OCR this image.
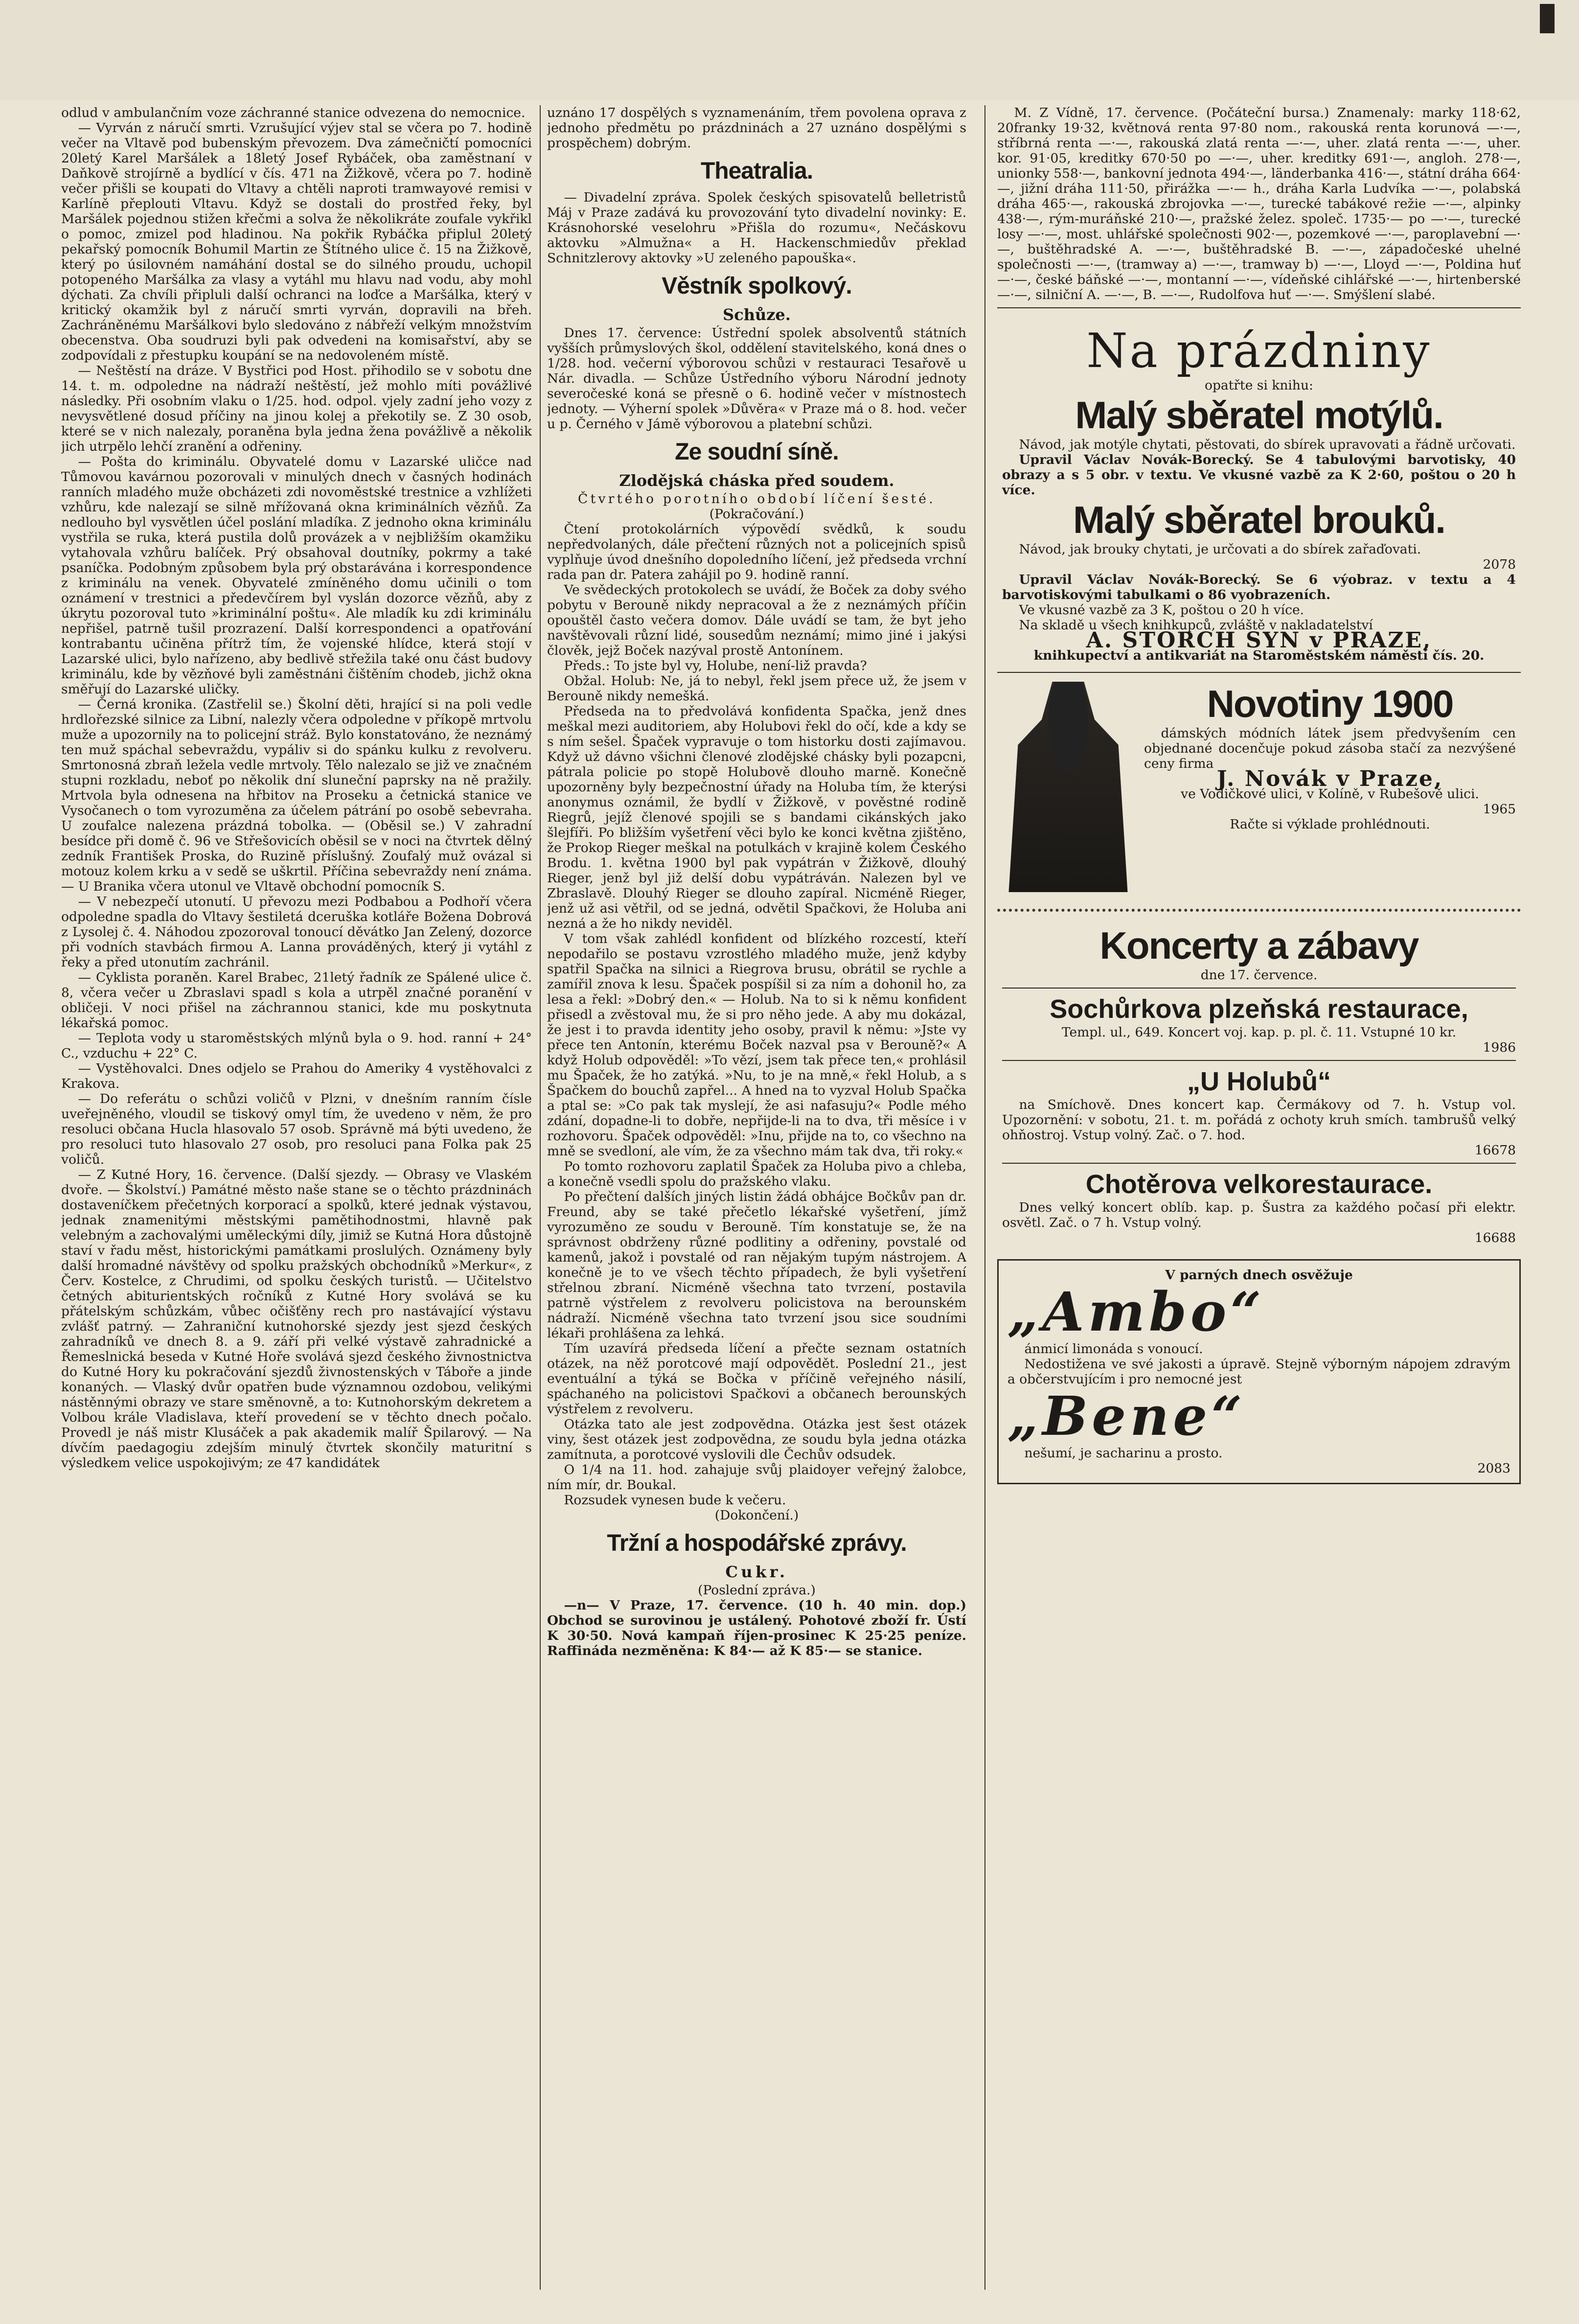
odlud v ambulančním voze záchranné stanice odvezena do nemocnice.

— Vyrván z náručí smrti. Vzrušující výjev stal se včera po 7. hodině večer na Vltavě pod bubenským převozem. Dva zámečničtí pomocníci 20letý Karel Maršálek a 18letý Josef Rybáček, oba zaměstnaní v Daňkově strojírně a bydlící v čís. 471 na Žižkově, včera po 7. hodině večer přišli se koupati do Vltavy a chtěli naproti tramwayové remisi v Karlíně přeplouti Vltavu. Když se dostali do prostřed řeky, byl Maršálek pojednou stižen křečmi a solva že několikráte zoufale vykřikl o pomoc, zmizel pod hladinou. Na pokřik Rybáčka připlul 20letý pekařský pomocník Bohumil Martin ze Štítného ulice č. 15 na Žižkově, který po úsilovném namáhání dostal se do silného proudu, uchopil potopeného Maršálka za vlasy a vytáhl mu hlavu nad vodu, aby mohl dýchati. Za chvíli připluli další ochranci na loďce a Maršálka, který v kritický okamžik byl z náručí smrti vyrván, dopravili na břeh. Zachráněnému Maršálkovi bylo sledováno z nábřeží velkým množstvím obecenstva. Oba soudruzi byli pak odvedeni na komisařství, aby se zodpovídali z přestupku koupání se na nedovoleném místě.

— Neštěstí na dráze. V Bystřici pod Host. přihodilo se v sobotu dne 14. t. m. odpoledne na nádraží neštěstí, jež mohlo míti povážlivé následky. Při osobním vlaku o 1/25. hod. odpol. vjely zadní jeho vozy z nevysvětlené dosud příčiny na jinou kolej a překotily se. Z 30 osob, které se v nich nalezaly, poraněna byla jedna žena povážlivě a několik jich utrpělo lehčí zranění a odřeniny.

— Pošta do kriminálu. Obyvatelé domu v Lazarské uličce nad Tůmovou kavárnou pozorovali v minulých dnech v časných hodinách ranních mladého muže obcházeti zdi novoměstské trestnice a vzhlížeti vzhůru, kde nalezají se silně mřížovaná okna kriminálních vězňů. Za nedlouho byl vysvětlen účel poslání mladíka. Z jednoho okna kriminálu vystřila se ruka, která pustila dolů provázek a v nejbližším okamžiku vytahovala vzhůru balíček. Prý obsahoval doutníky, pokrmy a také psaníčka. Podobným způsobem byla prý obstarávána i korrespondence z kriminálu na venek. Obyvatelé zmíněného domu učinili o tom oznámení v trestnici a předevčírem byl vyslán dozorce vězňů, aby z úkrytu pozoroval tuto »kriminální poštu«. Ale mladík ku zdi kriminálu nepřišel, patrně tušil prozrazení. Další korrespondenci a opatřování kontrabantu učiněna přítrž tím, že vojenské hlídce, která stojí v Lazarské ulici, bylo nařízeno, aby bedlivě střežila také onu část budovy kriminálu, kde by vězňové byli zaměstnáni čištěním chodeb, jichž okna směřují do Lazarské uličky.

— Černá kronika. (Zastřelil se.) Školní děti, hrající si na poli vedle hrdlořezské silnice za Libní, nalezly včera odpoledne v příkopě mrtvolu muže a upozornily na to policejní stráž. Bylo konstatováno, že neznámý ten muž spáchal sebevraždu, vypáliv si do spánku kulku z revolveru. Smrtonosná zbraň ležela vedle mrtvoly. Tělo nalezalo se již ve značném stupni rozkladu, neboť po několik dní sluneční paprsky na ně pražily. Mrtvola byla odnesena na hřbitov na Proseku a četnická stanice ve Vysočanech o tom vyrozuměna za účelem pátrání po osobě sebevraha. U zoufalce nalezena prázdná tobolka. — (Oběsil se.) V zahradní besídce při domě č. 96 ve Střešovicích oběsil se v noci na čtvrtek dělný zedník František Proska, do Ruzině příslušný. Zoufalý muž ovázal si motouz kolem krku a v sedě se uškrtil. Příčina sebevraždy není známa. — U Branika včera utonul ve Vltavě obchodní pomocník S.

— V nebezpečí utonutí. U převozu mezi Podbabou a Podhoří včera odpoledne spadla do Vltavy šestiletá dceruška kotláře Božena Dobrová z Lysolej č. 4. Náhodou zpozoroval tonoucí děvátko Jan Zelený, dozorce při vodních stavbách firmou A. Lanna prováděných, který ji vytáhl z řeky a před utonutím zachránil.

— Cyklista poraněn. Karel Brabec, 21letý řadník ze Spálené ulice č. 8, včera večer u Zbraslavi spadl s kola a utrpěl značné poranění v obličeji. V noci přišel na záchrannou stanici, kde mu poskytnuta lékařská pomoc.

— Teplota vody u staroměstských mlýnů byla o 9. hod. ranní + 24° C., vzduchu + 22° C.

— Vystěhovalci. Dnes odjelo se Prahou do Ameriky 4 vystěhovalci z Krakova.

— Do referátu o schůzi voličů v Plzni, v dnešním ranním čísle uveřejněného, vloudil se tiskový omyl tím, že uvedeno v něm, že pro resoluci občana Hucla hlasovalo 57 osob. Správně má býti uvedeno, že pro resoluci tuto hlasovalo 27 osob, pro resoluci pana Folka pak 25 voličů.

— Z Kutné Hory, 16. července. (Další sjezdy. — Obrasy ve Vlaském dvoře. — Školství.) Památné město naše stane se o těchto prázdninách dostaveníčkem přečetných korporací a spolků, které jednak výstavou, jednak znamenitými městskými pamětihodnostmi, hlavně pak velebným a zachovalými uměleckými díly, jimiž se Kutná Hora důstojně staví v řadu měst, historickými památkami proslulých. Oznámeny byly další hromadné návštěvy od spolku pražských obchodníků »Merkur«, z Červ. Kostelce, z Chrudimi, od spolku českých turistů. — Učitelstvo četných abiturientských ročníků z Kutné Hory svolává se ku přátelským schůzkám, vůbec očišťěny rech pro nastávající výstavu zvlášť patrný. — Zahraniční kutnohorské sjezdy jest sjezd českých zahradníků ve dnech 8. a 9. září při velké výstavě zahradnické a Řemeslnická beseda v Kutné Hoře svolává sjezd českého živnostnictva do Kutné Hory ku pokračování sjezdů živnostenských v Táboře a jinde konaných. — Vlaský dvůr opatřen bude významnou ozdobou, velikými nástěnnými obrazy ve stare směnovně, a to: Kutnohorským dekretem a Volbou krále Vladislava, kteří provedení se v těchto dnech počalo. Provedl je náš mistr Klusáček a pak akademik malíř Špilarový. — Na dívčím paedagogiu zdejším minulý čtvrtek skončily maturitní s výsledkem velice uspokojivým; ze 47 kandidátek

uznáno 17 dospělých s vyznamenáním, třem povolena oprava z jednoho předmětu po prázdninách a 27 uznáno dospělými s prospěchem) dobrým.

Theatralia.

— Divadelní zpráva. Spolek českých spisovatelů belletristů Máj v Praze zadává ku provozování tyto divadelní novinky: E. Krásnohorské veselohru »Přišla do rozumu«, Nečáskovu aktovku »Almužna« a H. Hackenschmiedův překlad Schnitzlerovy aktovky »U zeleného papouška«.

Věstník spolkový.
Schůze.

Dnes 17. července: Ústřední spolek absolventů státních vyšších průmyslových škol, oddělení stavitelského, koná dnes o 1/28. hod. večerní výborovou schůzi v restauraci Tesařově u Nár. divadla. — Schůze Ústředního výboru Národní jednoty severočeské koná se přesně o 6. hodině večer v místnostech jednoty. — Výherní spolek »Důvěra« v Praze má o 8. hod. večer u p. Černého v Jámě výborovou a platební schůzi.

Ze soudní síně.
Zlodějská cháska před soudem.

Čtvrtého porotního období líčení šesté.

(Pokračování.)

Čtení protokolárních výpovědí svědků, k soudu nepředvolaných, dále přečtení různých not a policejních spisů vyplňuje úvod dnešního dopoledního líčení, jež předseda vrchní rada pan dr. Patera zahájil po 9. hodině ranní.

Ve svědeckých protokolech se uvádí, že Boček za doby svého pobytu v Berouně nikdy nepracoval a že z neznámých příčin opouštěl často večera domov. Dále uvádí se tam, že byt jeho navštěvovali různí lidé, sousedům neznámí; mimo jiné i jakýsi člověk, jejž Boček nazýval prostě Antonínem.

Předs.: To jste byl vy, Holube, není-liž pravda?

Obžal. Holub: Ne, já to nebyl, řekl jsem přece už, že jsem v Berouně nikdy nemešká.

Předseda na to předvolává konfidenta Spačka, jenž dnes meškal mezi auditoriem, aby Holubovi řekl do očí, kde a kdy se s ním sešel. Špaček vypravuje o tom historku dosti zajímavou. Když už dávno všichni členové zlodějské chásky byli pozapcni, pátrala policie po stopě Holubově dlouho marně. Konečně upozorněny byly bezpečnostní úřady na Holuba tím, že kterýsi anonymus oznámil, že bydlí v Žižkově, v pověstné rodině Riegrů, jejíž členové spojili se s bandami cikánských jako šlejfíři. Po bližším vyšetření věci bylo ke konci května zjištěno, že Prokop Rieger meškal na potulkách v krajině kolem Českého Brodu. 1. května 1900 byl pak vypátrán v Žižkově, dlouhý Rieger, jenž byl již delší dobu vypátráván. Nalezen byl ve Zbraslavě. Dlouhý Rieger se dlouho zapíral. Nicméně Rieger, jenž už asi větřil, od se jedná, odvětil Spačkovi, že Holuba ani nezná a že ho nikdy neviděl.

V tom však zahlédl konfident od blízkého rozcestí, kteří nepodařilo se postavu vzrostlého mladého muže, jenž kdyby spatřil Spačka na silnici a Riegrova brusu, obrátil se rychle a zamířil znova k lesu. Špaček pospíšil si za ním a dohonil ho, za lesa a řekl: »Dobrý den.« — Holub. Na to si k němu konfident přisedl a zvěstoval mu, že si pro něho jede. A aby mu dokázal, že jest i to pravda identity jeho osoby, pravil k němu: »Jste vy přece ten Antonín, kterému Boček nazval psa v Berouně?« A když Holub odpověděl: »To vězí, jsem tak přece ten,« prohlásil mu Špaček, že ho zatýká. »Nu, to je na mně,« řekl Holub, a s Špačkem do bouchů zapřel... A hned na to vyzval Holub Spačka a ptal se: »Co pak tak myslejí, že asi nafasuju?« Podle mého zdání, dopadne-li to dobře, nepřijde-li na to dva, tři měsíce i v rozhovoru. Špaček odpověděl: »Inu, přijde na to, co všechno na mně se svedloní, ale vím, že za všechno mám tak dva, tři roky.«

Po tomto rozhovoru zaplatil Špaček za Holuba pivo a chleba, a konečně vsedli spolu do pražského vlaku.

Po přečtení dalších jiných listin žádá obhájce Bočkův pan dr. Freund, aby se také přečetlo lékařské vyšetření, jímž vyrozuměno ze soudu v Berouně. Tím konstatuje se, že na správnost obdrženy různé podlitiny a odřeniny, povstalé od kamenů, jakož i povstalé od ran nějakým tupým nástrojem. A konečně je to ve všech těchto případech, že byli vyšetření střelnou zbraní. Nicméně všechna tato tvrzení, postavila patrně výstřelem z revolveru policistova na berounském nádraží. Nicméně všechna tato tvrzení jsou sice soudními lékaři prohlášena za lehká.

Tím uzavírá předseda líčení a přečte seznam ostatních otázek, na něž porotcové mají odpovědět. Poslední 21., jest eventuální a týká se Bočka v příčině veřejného násilí, spáchaného na policistovi Spačkovi a občanech berounských výstřelem z revolveru.

Otázka tato ale jest zodpovědna. Otázka jest šest otázek viny, šest otázek jest zodpovědna, ze soudu byla jedna otázka zamítnuta, a porotcové vyslovili dle Čechův odsudek.

O 1/4 na 11. hod. zahajuje svůj plaidoyer veřejný žalobce, ním mír, dr. Boukal.

Rozsudek vynesen bude k večeru.

(Dokončení.)

Tržní a hospodářské zprávy.
Cukr.

(Poslední zpráva.)

—n— V Praze, 17. července. (10 h. 40 min. dop.) Obchod se surovinou je ustálený. Pohotové zboží fr. Ústí K 30·50. Nová kampaň říjen-prosinec K 25·25 peníze. Raffináda nezměněna: K 84·— až K 85·— se stanice.

M. Z Vídně, 17. července. (Počáteční bursa.) Znamenaly: marky 118·62, 20franky 19·32, květnová renta 97·80 nom., rakouská renta korunová —·—, stříbrná renta —·—, rakouská zlatá renta —·—, uher. zlatá renta —·—, uher. kor. 91·05, kreditky 670·50 po —·—, uher. kreditky 691·—, angloh. 278·—, unionky 558·—, bankovní jednota 494·—, länderbanka 416·—, státní dráha 664·—, jižní dráha 111·50, přirážka —·— h., dráha Karla Ludvíka —·—, polabská dráha 465·—, rakouská zbrojovka —·—, turecké tabákové režie —·—, alpinky 438·—, rým-muráňské 210·—, pražské želez. společ. 1735·— po —·—, turecké losy —·—, most. uhlářské společnosti 902·—, pozemkové —·—, paroplavební —·—, buštěhradské A. —·—, buštěhradské B. —·—, západočeské uhelné společnosti —·—, (tramway a) —·—, tramway b) —·—, Lloyd —·—, Poldina huť —·—, české báňské —·—, montanní —·—, vídeňské cihlářské —·—, hirtenberské —·—, silniční A. —·—, B. —·—, Rudolfova huť —·—. Smýšlení slabé.

Na prázdniny

opatřte si knihu:

Malý sběratel motýlů.

Návod, jak motýle chytati, pěstovati, do sbírek upravovati a řádně určovati.

Upravil Václav Novák-Borecký. Se 4 tabulovými barvotisky, 40 obrazy a s 5 obr. v textu. Ve vkusné vazbě za K 2·60, poštou o 20 h více.

Malý sběratel brouků.

Návod, jak brouky chytati, je určovati a do sbírek zařaďovati.

2078

Upravil Václav Novák-Borecký. Se 6 výobraz. v textu a 4 barvotiskovými tabulkami o 86 vyobrazeních.

Ve vkusné vazbě za 3 K, poštou o 20 h více.

Na skladě u všech knihkupců, zvláště v nakladatelství

A. STORCH SYN v PRAZE,

knihkupectví a antikvariát na Staroměstském náměstí čís. 20.

Novotiny 1900

dámských módních látek jsem předvyšením cen objednané docenčuje pokud zásoba stačí za nezvýšené ceny firma

J. Novák v Praze,

ve Vodičkové ulici, v Kolíně, v Rubešově ulici.

1965

Račte si výklade prohlédnouti.

Koncerty a zábavy

dne 17. července.

Sochůrkova plzeňská restaurace,

Templ. ul., 649. Koncert voj. kap. p. pl. č. 11. Vstupné 10 kr.

1986

„U Holubů“

na Smíchově. Dnes koncert kap. Čermákovy od 7. h. Vstup vol. Upozornění: v sobotu, 21. t. m. pořádá z ochoty kruh smích. tambrušů velký ohňostroj. Vstup volný. Zač. o 7. hod.

16678

Chotěrova velkorestaurace.

Dnes velký koncert oblíb. kap. p. Šustra za každého počasí při elektr. osvětl. Zač. o 7 h. Vstup volný.

16688

V parných dnech osvěžuje

„Ambo“

ánmicí limonáda s vonoucí.

Nedostižena ve své jakosti a úpravě. Stejně výborným nápojem zdravým a občerstvujícím i pro nemocné jest

„Bene“

nešumí, je sacharinu a prosto.

2083
